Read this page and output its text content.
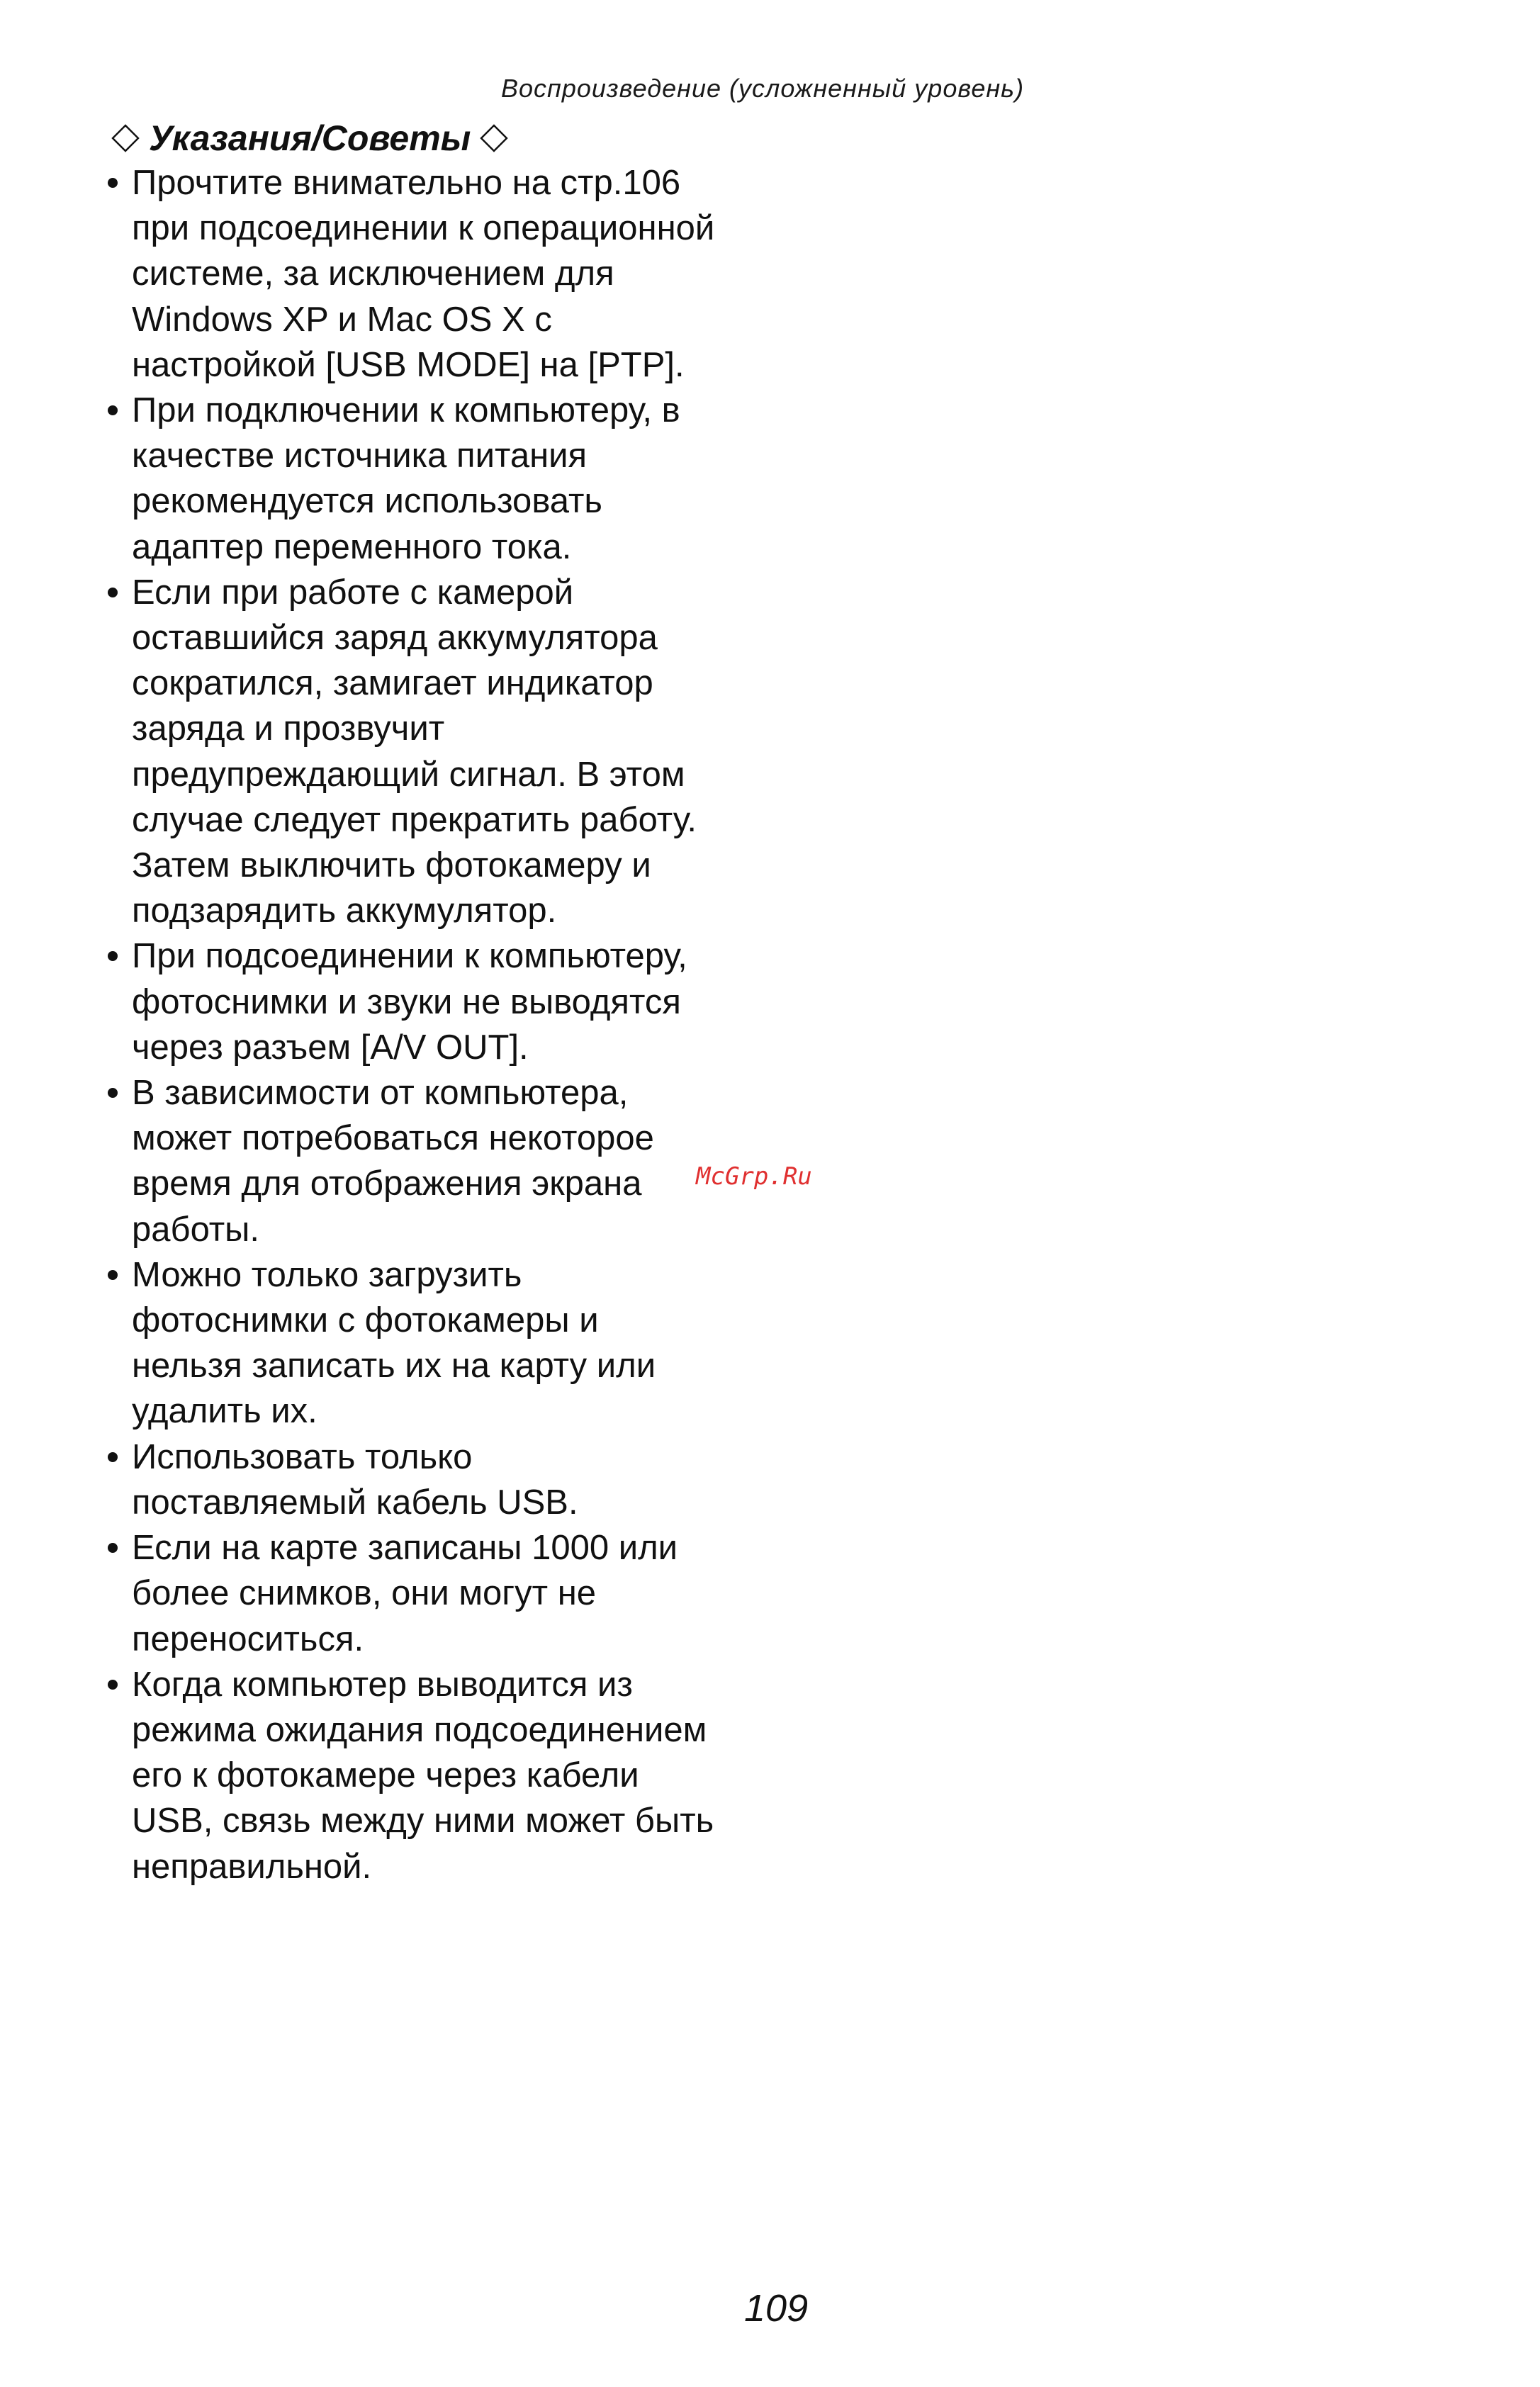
Воспроизведение (усложненный уровень)
Указания/Советы
Прочтите внимательно на стр.106
при подсоединении к операционной
системе, за исключением для
Windows XP и Mac OS X с
настройкой [USB MODE] на [PTP].
При подключении к компьютеру, в
качестве источника питания
рекомендуется использовать
адаптер переменного тока.
Если при работе с камерой
оставшийся заряд аккумулятора
сократился, замигает индикатор
заряда и прозвучит
предупреждающий сигнал. В этом
случае следует прекратить работу.
Затем выключить фотокамеру и
подзарядить аккумулятор.
При подсоединении к компьютеру,
фотоснимки и звуки не выводятся
через разъем [A/V OUT].
В зависимости от компьютера,
может потребоваться некоторое
время для отображения экрана
работы.
Можно только загрузить
фотоснимки с фотокамеры и
нельзя записать их на карту или
удалить их.
Использовать только
поставляемый кабель USB.
Если на карте записаны 1000 или
более снимков, они могут не
переноситься.
Когда компьютер выводится из
режима ожидания подсоединением
его к фотокамере через кабели
USB, связь между ними может быть
неправильной.
McGrp.Ru
109
